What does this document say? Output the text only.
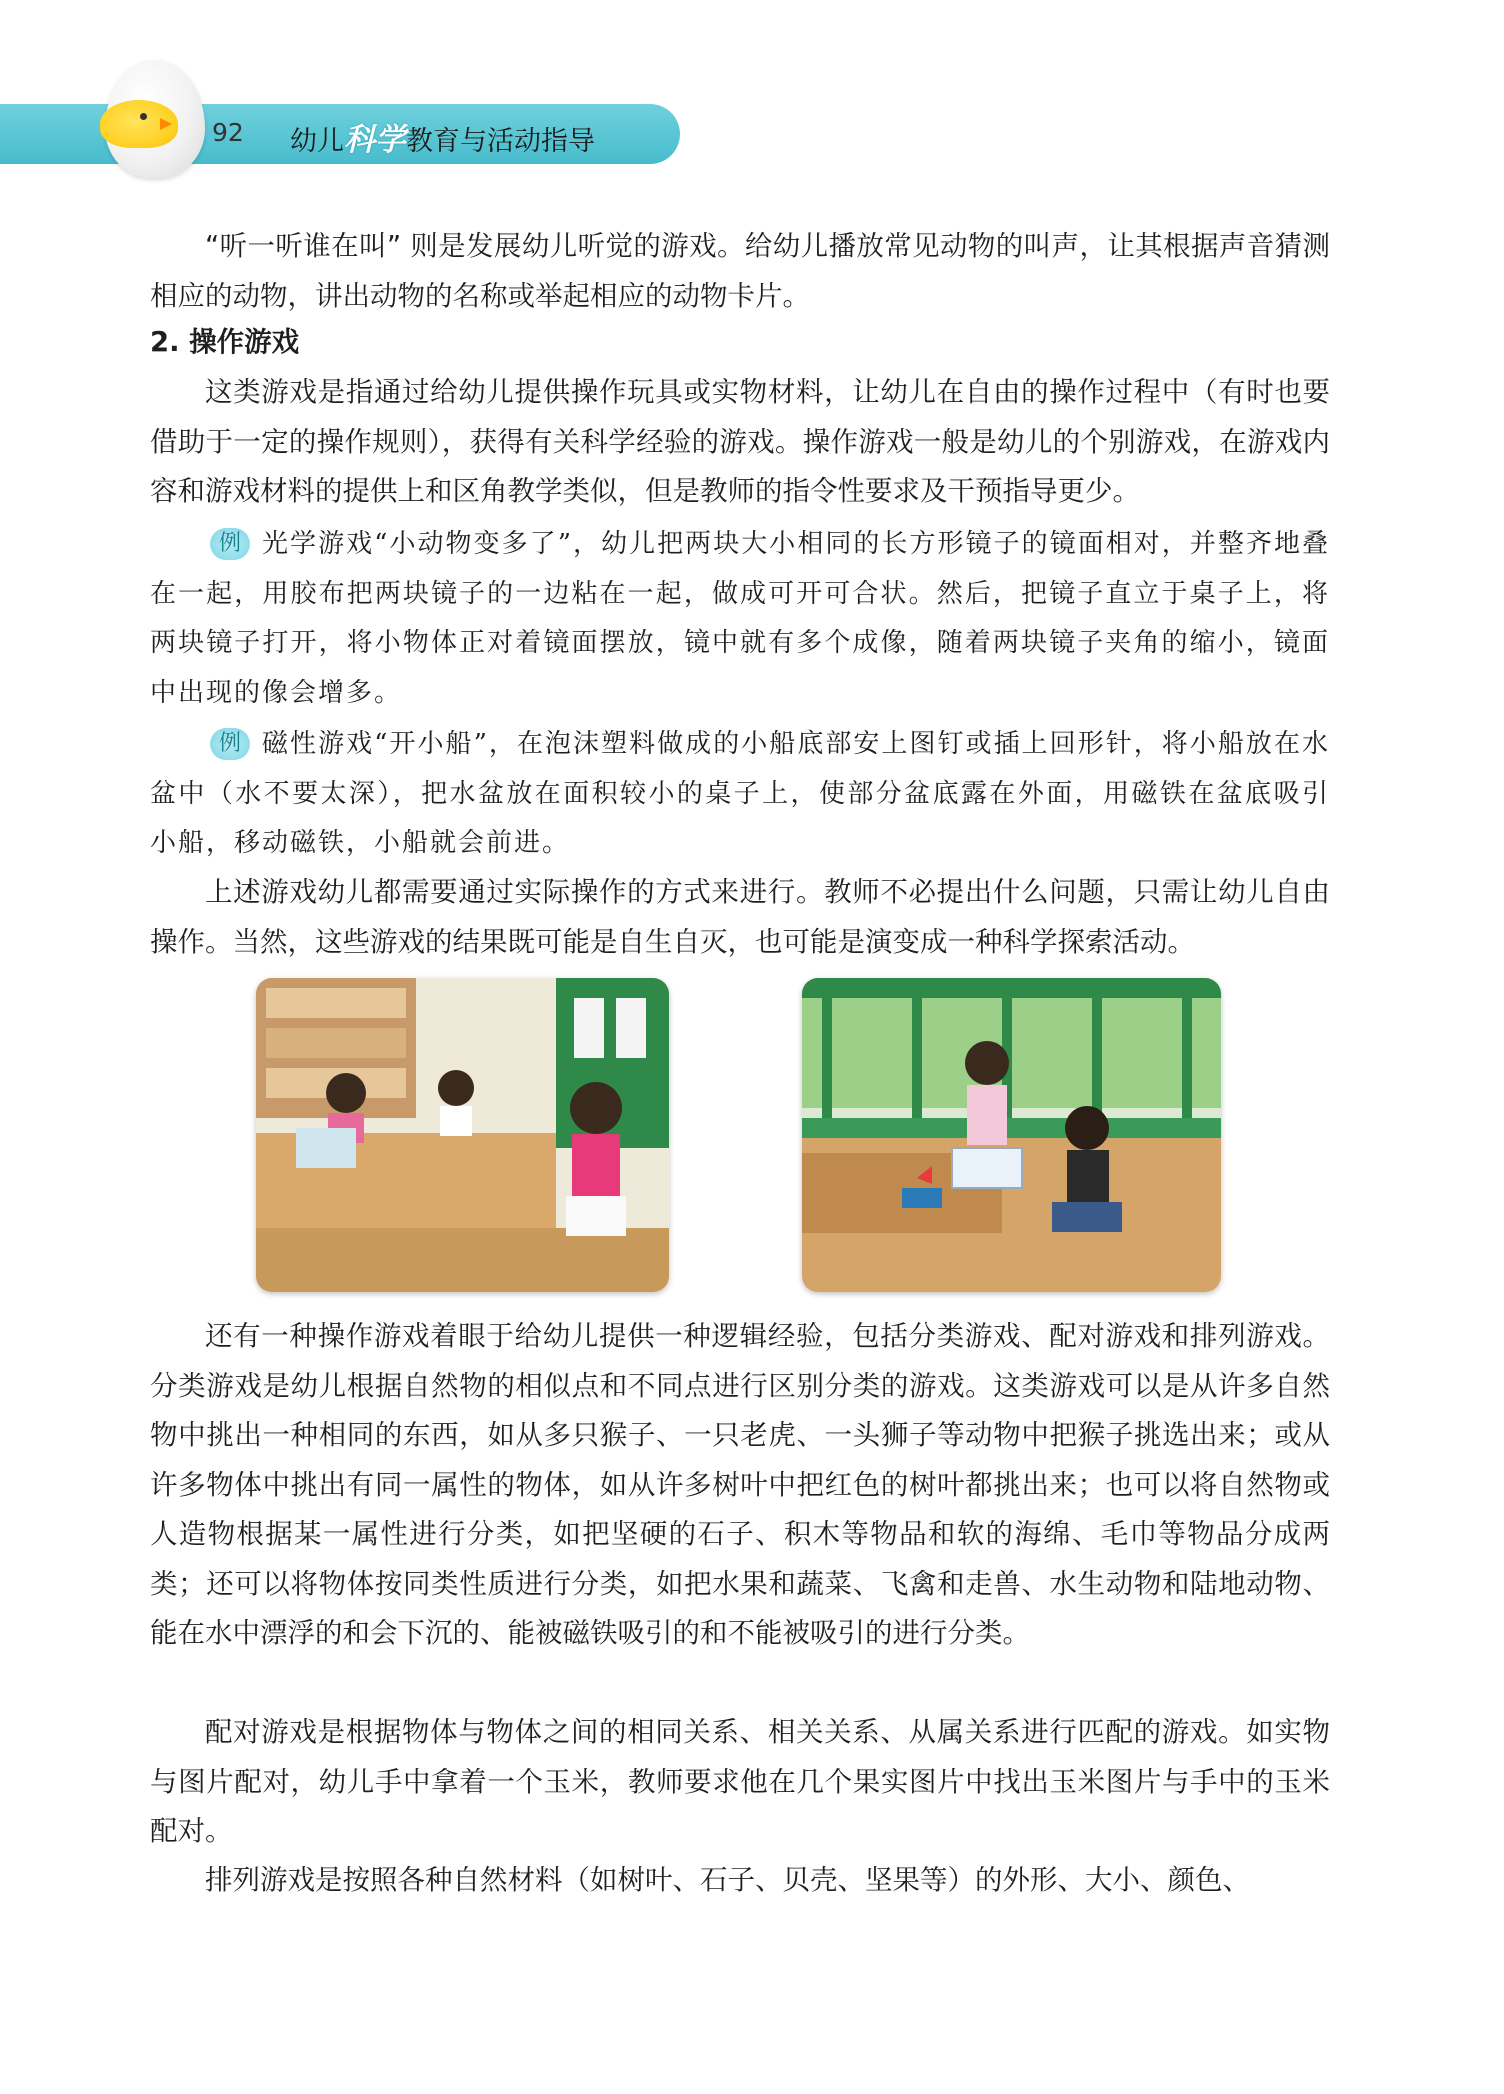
92 幼儿科学教育与活动指导

“听一听谁在叫” 则是发展幼儿听觉的游戏。给幼儿播放常见动物的叫声，让其根据声音猜测相应的动物，讲出动物的名称或举起相应的动物卡片。

2. 操作游戏

这类游戏是指通过给幼儿提供操作玩具或实物材料，让幼儿在自由的操作过程中（有时也要借助于一定的操作规则），获得有关科学经验的游戏。操作游戏一般是幼儿的个别游戏，在游戏内容和游戏材料的提供上和区角教学类似，但是教师的指令性要求及干预指导更少。

例 光学游戏“小动物变多了”，幼儿把两块大小相同的长方形镜子的镜面相对，并整齐地叠在一起，用胶布把两块镜子的一边粘在一起，做成可开可合状。然后，把镜子直立于桌子上，将两块镜子打开，将小物体正对着镜面摆放，镜中就有多个成像，随着两块镜子夹角的缩小，镜面中出现的像会增多。

例 磁性游戏“开小船”，在泡沫塑料做成的小船底部安上图钉或插上回形针，将小船放在水盆中（水不要太深），把水盆放在面积较小的桌子上，使部分盆底露在外面，用磁铁在盆底吸引小船，移动磁铁，小船就会前进。

上述游戏幼儿都需要通过实际操作的方式来进行。教师不必提出什么问题，只需让幼儿自由操作。当然，这些游戏的结果既可能是自生自灭，也可能是演变成一种科学探索活动。

还有一种操作游戏着眼于给幼儿提供一种逻辑经验，包括分类游戏、配对游戏和排列游戏。分类游戏是幼儿根据自然物的相似点和不同点进行区别分类的游戏。这类游戏可以是从许多自然物中挑出一种相同的东西，如从多只猴子、一只老虎、一头狮子等动物中把猴子挑选出来；或从许多物体中挑出有同一属性的物体，如从许多树叶中把红色的树叶都挑出来；也可以将自然物或人造物根据某一属性进行分类，如把坚硬的石子、积木等物品和软的海绵、毛巾等物品分成两类；还可以将物体按同类性质进行分类，如把水果和蔬菜、飞禽和走兽、水生动物和陆地动物、能在水中漂浮的和会下沉的、能被磁铁吸引的和不能被吸引的进行分类。

配对游戏是根据物体与物体之间的相同关系、相关关系、从属关系进行匹配的游戏。如实物与图片配对，幼儿手中拿着一个玉米，教师要求他在几个果实图片中找出玉米图片与手中的玉米配对。

排列游戏是按照各种自然材料（如树叶、石子、贝壳、坚果等）的外形、大小、颜色、
